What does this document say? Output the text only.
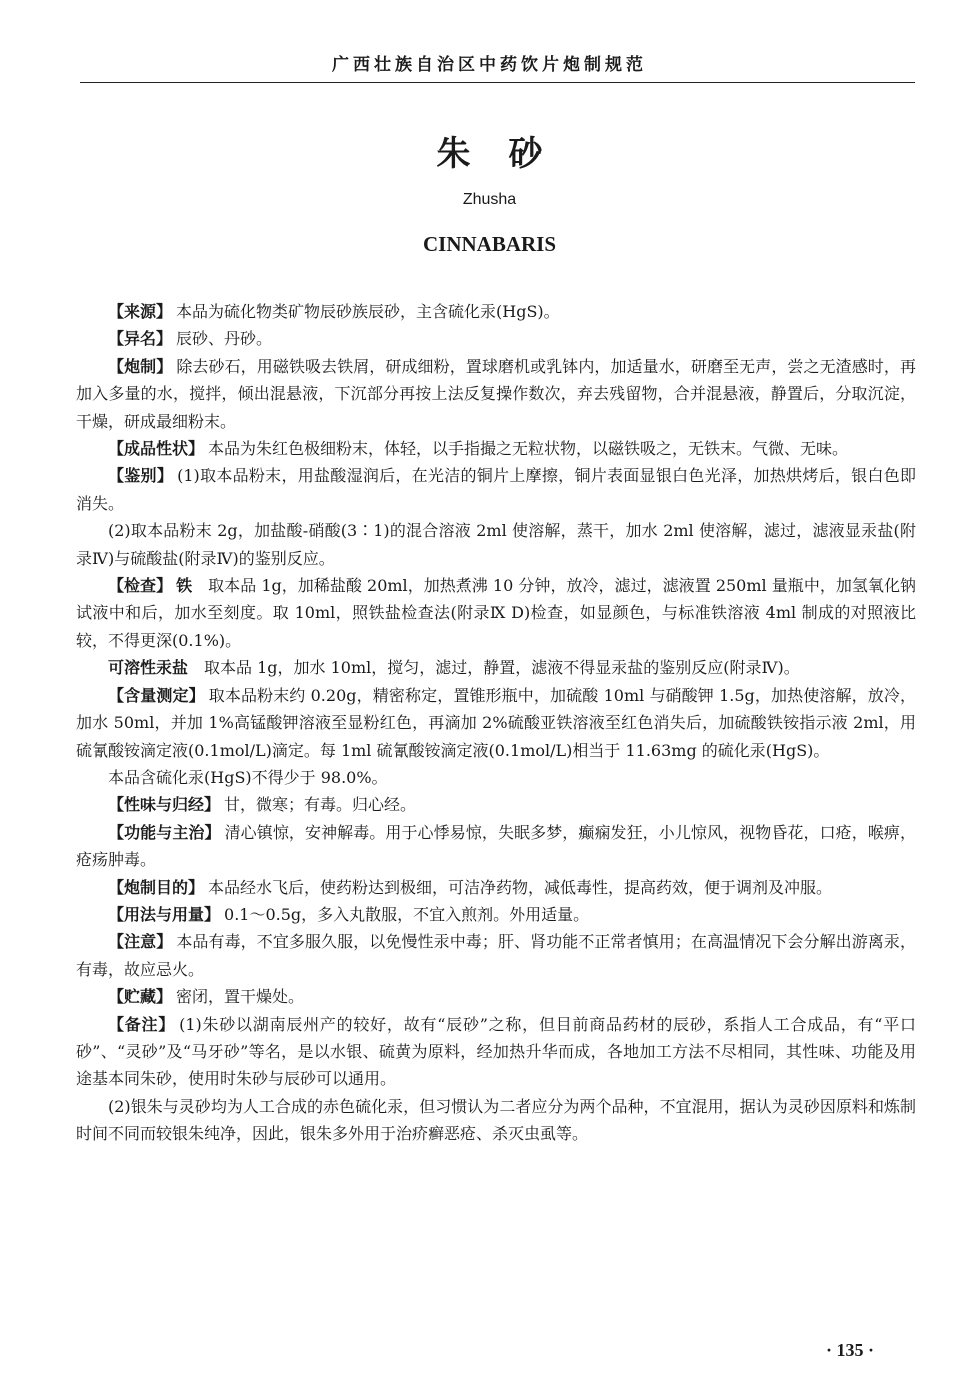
广西壮族自治区中药饮片炮制规范
朱砂
Zhusha
CINNABARIS

【来源】 本品为硫化物类矿物辰砂族辰砂，主含硫化汞(HgS)。

【异名】 辰砂、丹砂。

【炮制】 除去砂石，用磁铁吸去铁屑，研成细粉，置球磨机或乳钵内，加适量水，研磨至无声，尝之无渣感时，再加入多量的水，搅拌，倾出混悬液，下沉部分再按上法反复操作数次，弃去残留物，合并混悬液，静置后，分取沉淀，干燥，研成最细粉末。

【成品性状】 本品为朱红色极细粉末，体轻，以手指撮之无粒状物，以磁铁吸之，无铁末。气微、无味。

【鉴别】 (1)取本品粉末，用盐酸湿润后，在光洁的铜片上摩擦，铜片表面显银白色光泽，加热烘烤后，银白色即消失。

(2)取本品粉末 2g，加盐酸-硝酸(3∶1)的混合溶液 2ml 使溶解，蒸干，加水 2ml 使溶解，滤过，滤液显汞盐(附录Ⅳ)与硫酸盐(附录Ⅳ)的鉴别反应。

【检查】 铁 取本品 1g，加稀盐酸 20ml，加热煮沸 10 分钟，放冷，滤过，滤液置 250ml 量瓶中，加氢氧化钠试液中和后，加水至刻度。取 10ml，照铁盐检查法(附录Ⅸ D)检查，如显颜色，与标准铁溶液 4ml 制成的对照液比较，不得更深(0.1%)。

可溶性汞盐 取本品 1g，加水 10ml，搅匀，滤过，静置，滤液不得显汞盐的鉴别反应(附录Ⅳ)。

【含量测定】 取本品粉末约 0.20g，精密称定，置锥形瓶中，加硫酸 10ml 与硝酸钾 1.5g，加热使溶解，放冷，加水 50ml，并加 1%高锰酸钾溶液至显粉红色，再滴加 2%硫酸亚铁溶液至红色消失后，加硫酸铁铵指示液 2ml，用硫氰酸铵滴定液(0.1mol/L)滴定。每 1ml 硫氰酸铵滴定液(0.1mol/L)相当于 11.63mg 的硫化汞(HgS)。

本品含硫化汞(HgS)不得少于 98.0%。

【性味与归经】 甘，微寒；有毒。归心经。

【功能与主治】 清心镇惊，安神解毒。用于心悸易惊，失眠多梦，癫痫发狂，小儿惊风，视物昏花，口疮，喉痹，疮疡肿毒。

【炮制目的】 本品经水飞后，使药粉达到极细，可洁净药物，减低毒性，提高药效，便于调剂及冲服。

【用法与用量】 0.1～0.5g，多入丸散服，不宜入煎剂。外用适量。

【注意】 本品有毒，不宜多服久服，以免慢性汞中毒；肝、肾功能不正常者慎用；在高温情况下会分解出游离汞，有毒，故应忌火。

【贮藏】 密闭，置干燥处。

【备注】 (1)朱砂以湖南辰州产的较好，故有“辰砂”之称，但目前商品药材的辰砂，系指人工合成品，有“平口砂”、“灵砂”及“马牙砂”等名，是以水银、硫黄为原料，经加热升华而成，各地加工方法不尽相同，其性味、功能及用途基本同朱砂，使用时朱砂与辰砂可以通用。

(2)银朱与灵砂均为人工合成的赤色硫化汞，但习惯认为二者应分为两个品种，不宜混用，据认为灵砂因原料和炼制时间不同而较银朱纯净，因此，银朱多外用于治疥癣恶疮、杀灭虫虱等。

· 135 ·
